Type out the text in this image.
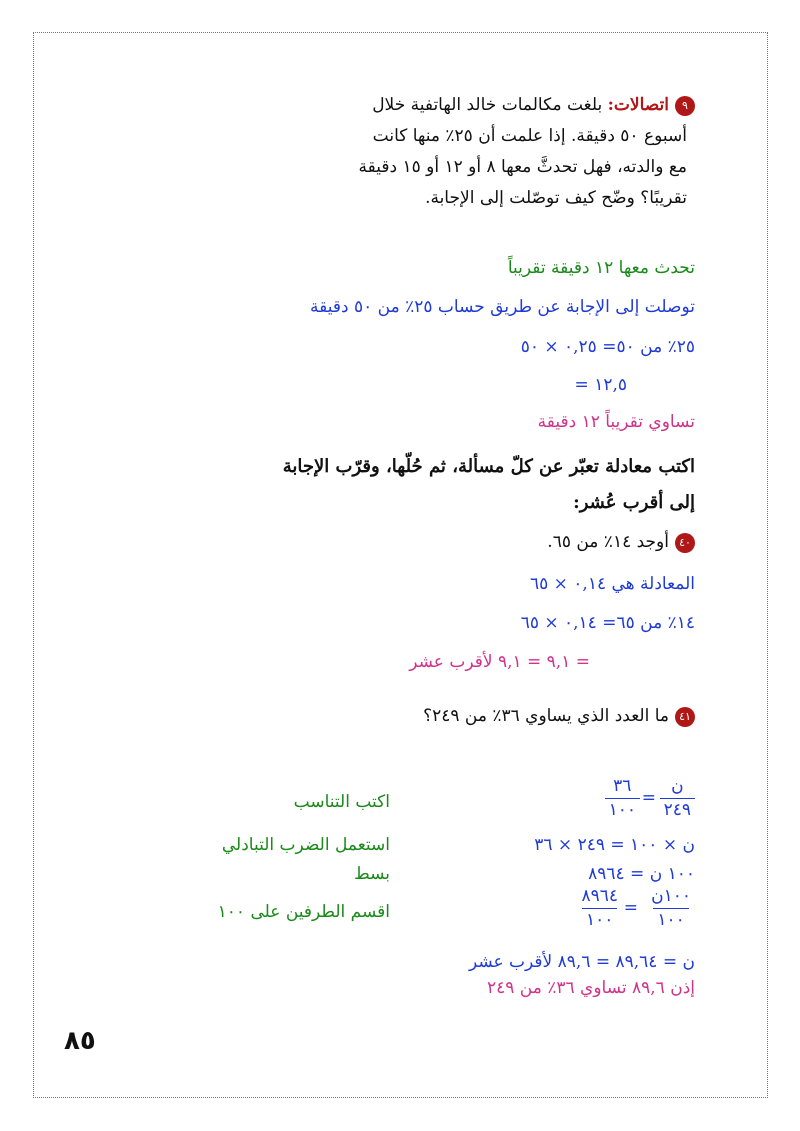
٩اتصالات: بلغت مكالمات خالد الهاتفية خلال
أسبوع ٥٠ دقيقة. إذا علمت أن ٢٥٪ منها كانت
مع والدته، فهل تحدثَّ معها ٨ أو ١٢ أو ١٥ دقيقة
تقريبًا؟ وضّح كيف توصّلت إلى الإجابة.
تحدث معها ١٢ دقيقة تقريباً
توصلت إلى الإجابة عن طريق حساب ٢٥٪ من ٥٠ دقيقة
٢٥٪ من ٥٠= ٠,٢٥ × ٥٠
= ١٢,٥
تساوي تقريباً ١٢ دقيقة
اكتب معادلة تعبّر عن كلّ مسألة، ثم حُلّها، وقرّب الإجابة
إلى أقرب عُشر:
٤٠أوجد ١٤٪ من ٦٥.
المعادلة هي ٠,١٤ × ٦٥
١٤٪ من ٦٥= ٠,١٤ × ٦٥
= ٩,١ = ٩,١ لأقرب عشر
٤١ما العدد الذي يساوي ٣٦٪ من ٢٤٩؟
ن
٢٤٩
=
٣٦
١٠٠
اكتب التناسب
ن × ١٠٠ = ٢٤٩ × ٣٦
استعمل الضرب التبادلي
١٠٠ ن = ٨٩٦٤
بسط
١٠٠ن
١٠٠
=
٨٩٦٤
١٠٠
اقسم الطرفين على ١٠٠
ن = ٨٩,٦٤ = ٨٩,٦ لأقرب عشر
إذن ٨٩,٦ تساوي ٣٦٪ من ٢٤٩
٨٥
